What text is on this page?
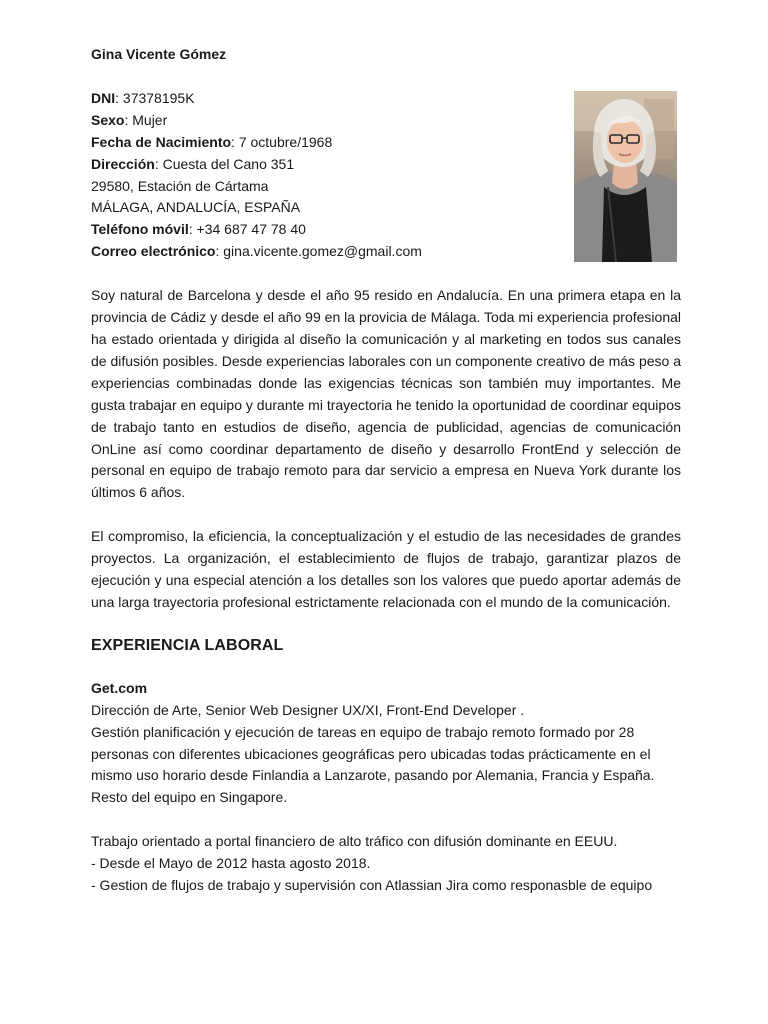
Gina Vicente Gómez
DNI: 37378195K
Sexo: Mujer
Fecha de Nacimiento: 7 octubre/1968
Dirección: Cuesta del Cano 351
29580, Estación de Cártama
MÁLAGA, ANDALUCÍA, ESPAÑA
Teléfono móvil: +34 687 47 78 40
Correo electrónico: gina.vicente.gomez@gmail.com

Soy natural de Barcelona y desde el año 95 resido en Andalucía. En una primera etapa en la provincia de Cádiz y desde el año 99 en la provicia de Málaga. Toda mi experiencia profesional ha estado orientada y dirigida al diseño la comunicación y al marketing en todos sus canales de difusión posibles. Desde experiencias laborales con un componente creativo de más peso a experiencias combinadas donde las exigencias técnicas son también muy importantes. Me gusta trabajar en equipo y durante mi trayectoria he tenido la oportunidad de coordinar equipos de trabajo tanto en estudios de diseño, agencia de publicidad, agencias de comunicación OnLine así como coordinar departamento de diseño y desarrollo FrontEnd y selección de personal en equipo de trabajo remoto para dar servicio a empresa en Nueva York durante los últimos 6 años.

El compromiso, la eficiencia, la conceptualización y el estudio de las necesidades de grandes proyectos. La organización, el establecimiento de flujos de trabajo, garantizar plazos de ejecución y una especial atención a los detalles son los valores que puedo aportar además de una larga trayectoria profesional estrictamente relacionada con el mundo de la comunicación.

EXPERIENCIA LABORAL
Get.com
Dirección de Arte, Senior Web Designer UX/XI, Front-End Developer .
Gestión planificación y ejecución de tareas en equipo de trabajo remoto formado por 28
personas con diferentes ubicaciones geográficas pero ubicadas todas prácticamente en el
mismo uso horario desde Finlandia a Lanzarote, pasando por Alemania, Francia y España.
Resto del equipo en Singapore.
Trabajo orientado a portal financiero de alto tráfico con difusión dominante en EEUU.
- Desde el Mayo de 2012 hasta agosto 2018.
- Gestion de flujos de trabajo y supervisión con Atlassian Jira como responasble de equipo
